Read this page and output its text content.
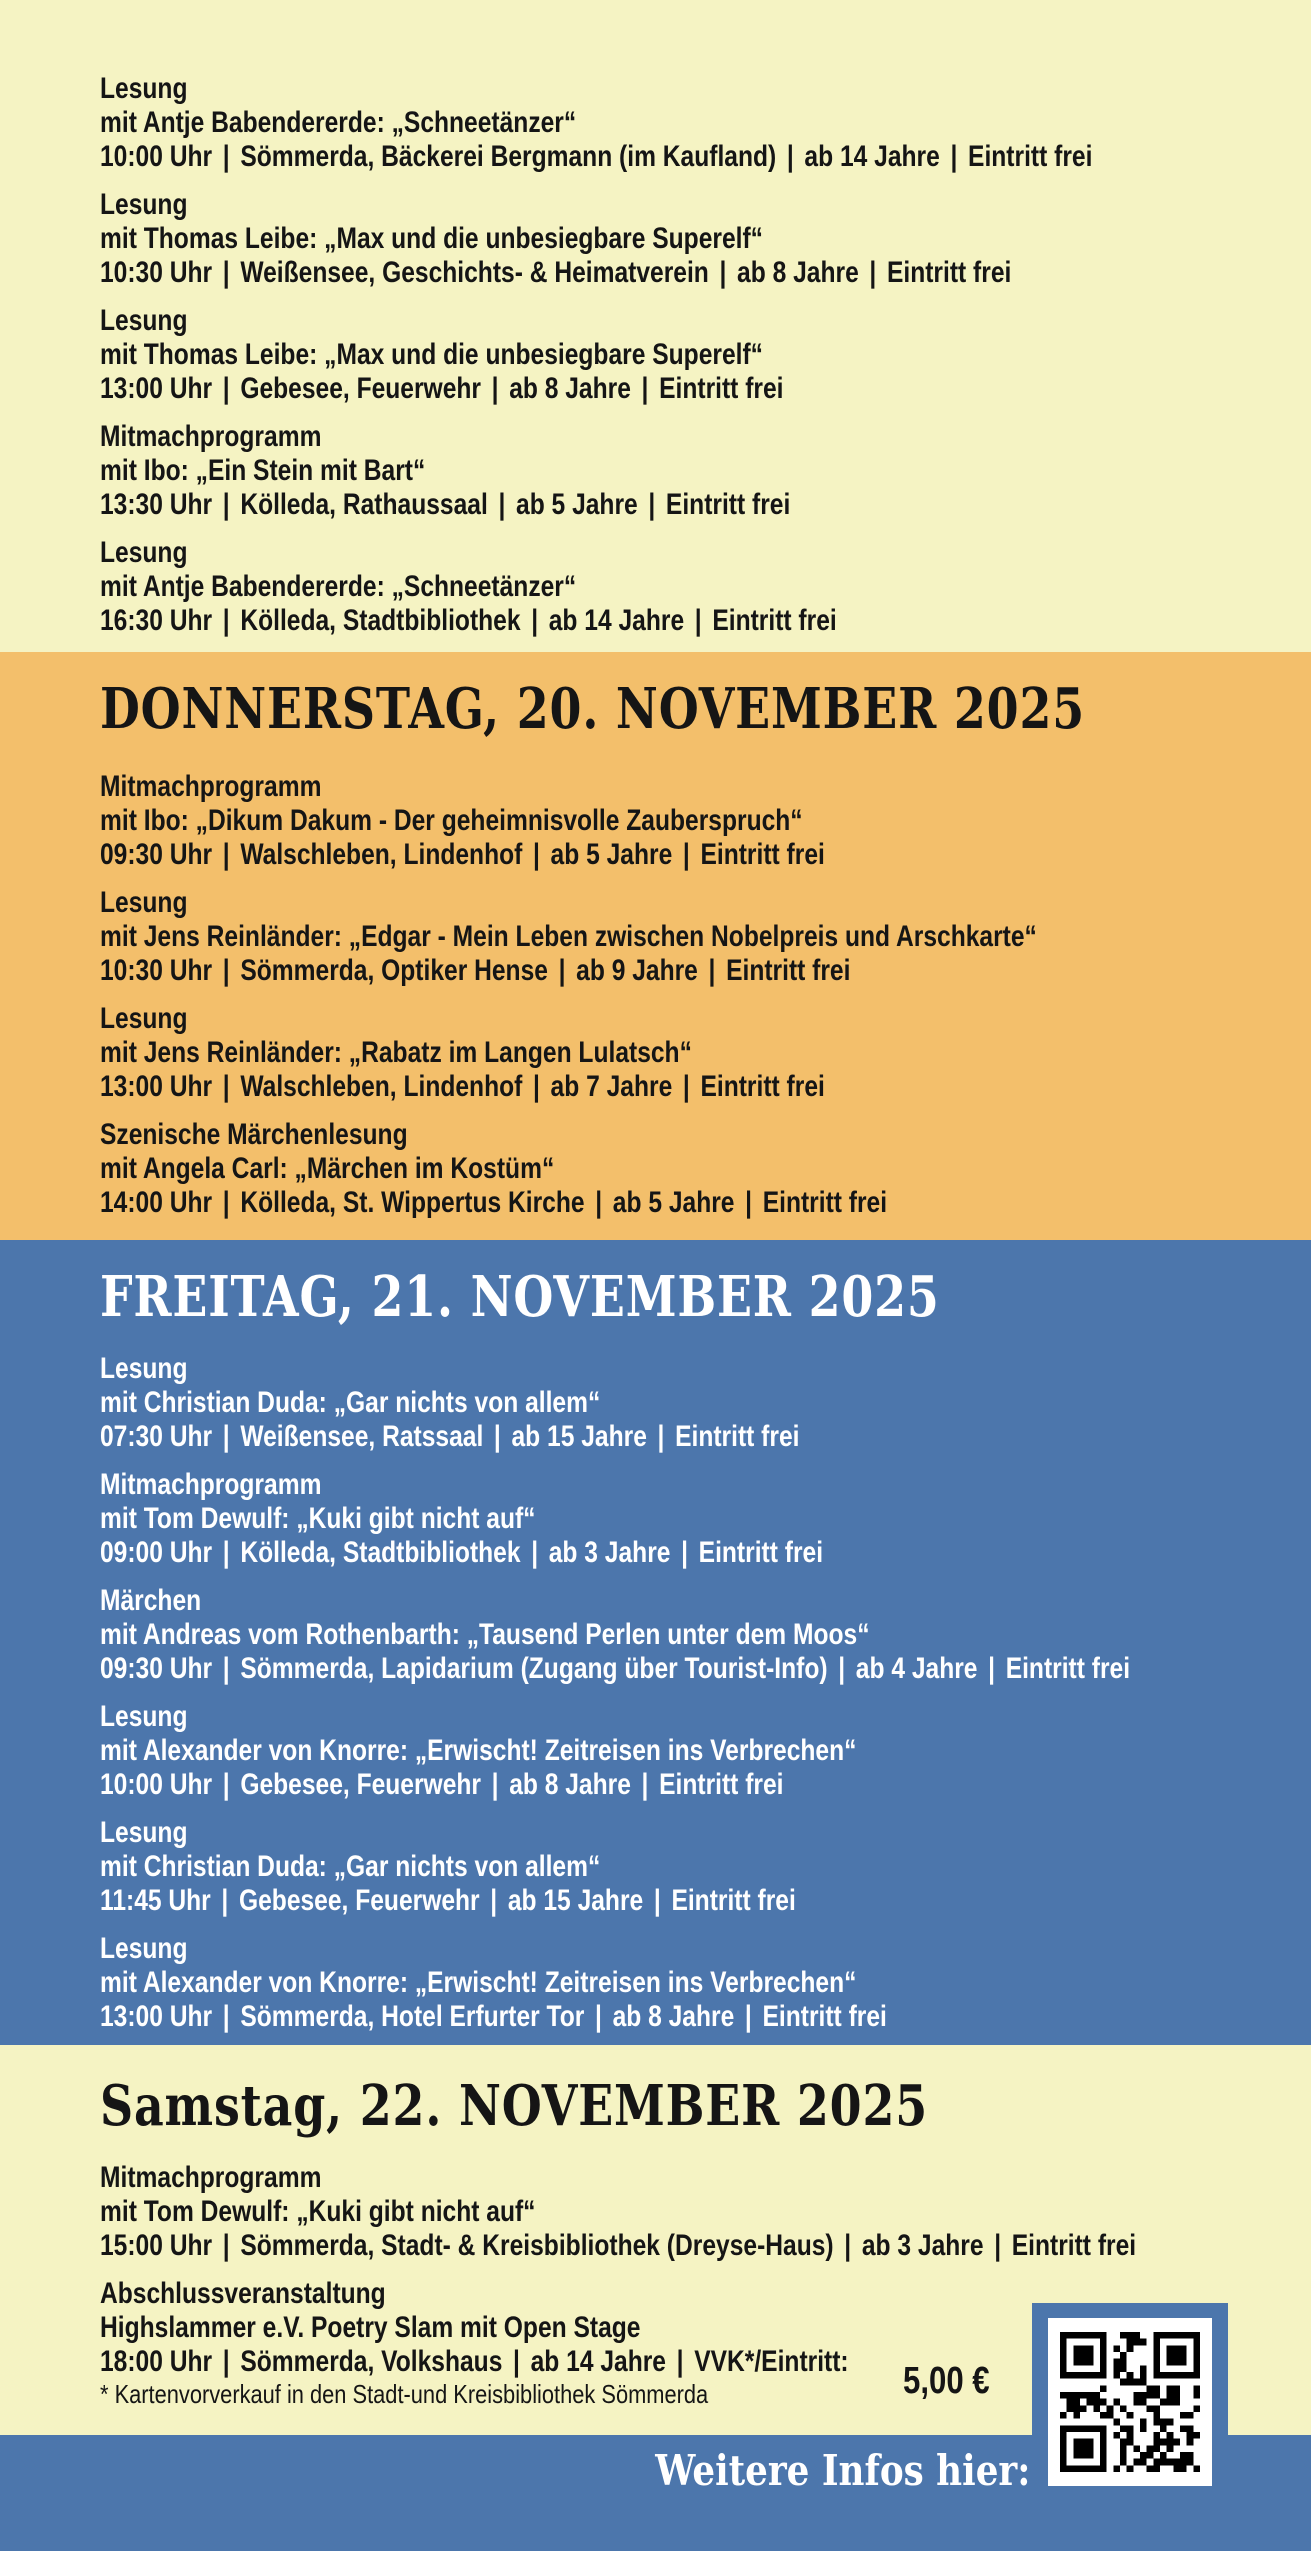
Lesung
mit Antje Babendererde: „Schneetänzer“
10:00 Uhr | Sömmerda, Bäckerei Bergmann (im Kaufland) | ab 14 Jahre | Eintritt frei
Lesung
mit Thomas Leibe: „Max und die unbesiegbare Superelf“
10:30 Uhr | Weißensee, Geschichts- & Heimatverein | ab 8 Jahre | Eintritt frei
Lesung
mit Thomas Leibe: „Max und die unbesiegbare Superelf“
13:00 Uhr | Gebesee, Feuerwehr | ab 8 Jahre | Eintritt frei
Mitmachprogramm
mit Ibo: „Ein Stein mit Bart“
13:30 Uhr | Kölleda, Rathaussaal | ab 5 Jahre | Eintritt frei
Lesung
mit Antje Babendererde: „Schneetänzer“
16:30 Uhr | Kölleda, Stadtbibliothek | ab 14 Jahre | Eintritt frei
DONNERSTAG, 20. NOVEMBER 2025
Mitmachprogramm
mit Ibo: „Dikum Dakum - Der geheimnisvolle Zauberspruch“
09:30 Uhr | Walschleben, Lindenhof | ab 5 Jahre | Eintritt frei
Lesung
mit Jens Reinländer: „Edgar - Mein Leben zwischen Nobelpreis und Arschkarte“
10:30 Uhr | Sömmerda, Optiker Hense | ab 9 Jahre | Eintritt frei
Lesung
mit Jens Reinländer: „Rabatz im Langen Lulatsch“
13:00 Uhr | Walschleben, Lindenhof | ab 7 Jahre | Eintritt frei
Szenische Märchenlesung
mit Angela Carl: „Märchen im Kostüm“
14:00 Uhr | Kölleda, St. Wippertus Kirche | ab 5 Jahre | Eintritt frei
FREITAG, 21. NOVEMBER 2025
Lesung
mit Christian Duda: „Gar nichts von allem“
07:30 Uhr | Weißensee, Ratssaal | ab 15 Jahre | Eintritt frei
Mitmachprogramm
mit Tom Dewulf: „Kuki gibt nicht auf“
09:00 Uhr | Kölleda, Stadtbibliothek | ab 3 Jahre | Eintritt frei
Märchen
mit Andreas vom Rothenbarth: „Tausend Perlen unter dem Moos“
09:30 Uhr | Sömmerda, Lapidarium (Zugang über Tourist-Info) | ab 4 Jahre | Eintritt frei
Lesung
mit Alexander von Knorre: „Erwischt! Zeitreisen ins Verbrechen“
10:00 Uhr | Gebesee, Feuerwehr | ab 8 Jahre | Eintritt frei
Lesung
mit Christian Duda: „Gar nichts von allem“
11:45 Uhr | Gebesee, Feuerwehr | ab 15 Jahre | Eintritt frei
Lesung
mit Alexander von Knorre: „Erwischt! Zeitreisen ins Verbrechen“
13:00 Uhr | Sömmerda, Hotel Erfurter Tor | ab 8 Jahre | Eintritt frei
Samstag, 22. NOVEMBER 2025
Mitmachprogramm
mit Tom Dewulf: „Kuki gibt nicht auf“
15:00 Uhr | Sömmerda, Stadt- & Kreisbibliothek (Dreyse-Haus) | ab 3 Jahre | Eintritt frei
Abschlussveranstaltung
Highslammer e.V. Poetry Slam mit Open Stage
18:00 Uhr | Sömmerda, Volkshaus | ab 14 Jahre | VVK*/Eintritt:
* Kartenvorverkauf in den Stadt-und Kreisbibliothek Sömmerda	5,00 €
Weitere Infos hier:
